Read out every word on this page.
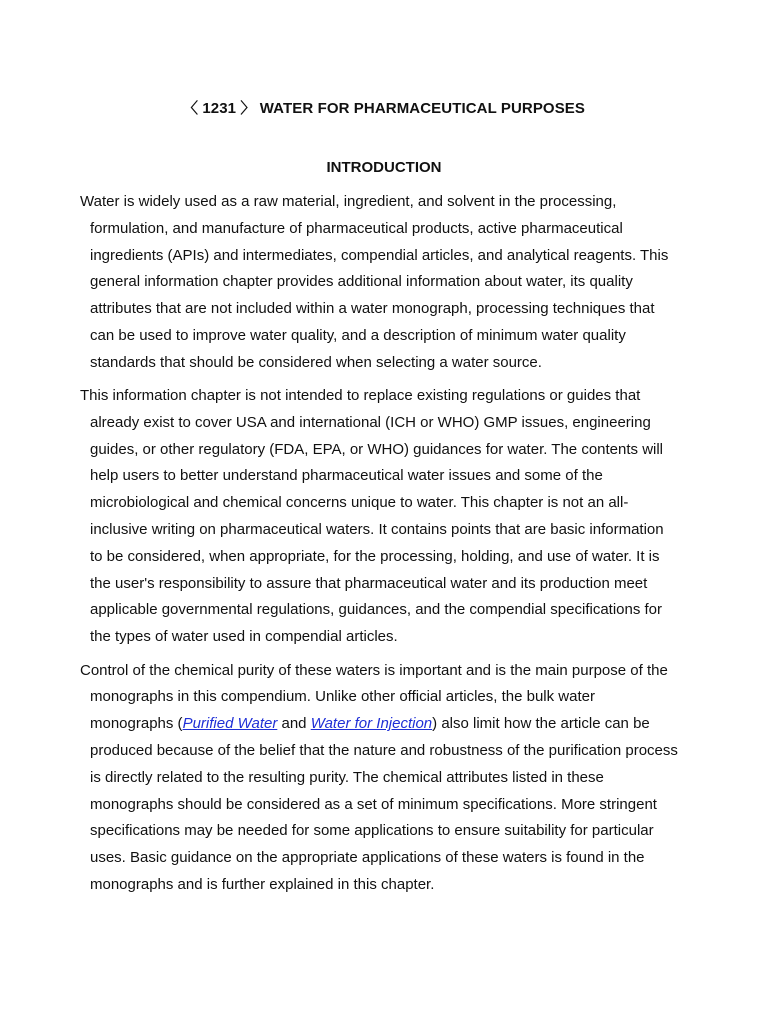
〈 1231 〉 WATER FOR PHARMACEUTICAL PURPOSES
INTRODUCTION

Water is widely used as a raw material, ingredient, and solvent in the processing, formulation, and manufacture of pharmaceutical products, active pharmaceutical ingredients (APIs) and intermediates, compendial articles, and analytical reagents. This general information chapter provides additional information about water, its quality attributes that are not included within a water monograph, processing techniques that can be used to improve water quality, and a description of minimum water quality standards that should be considered when selecting a water source.

This information chapter is not intended to replace existing regulations or guides that already exist to cover USA and international (ICH or WHO) GMP issues, engineering guides, or other regulatory (FDA, EPA, or WHO) guidances for water. The contents will help users to better understand pharmaceutical water issues and some of the microbiological and chemical concerns unique to water. This chapter is not an all-inclusive writing on pharmaceutical waters. It contains points that are basic information to be considered, when appropriate, for the processing, holding, and use of water. It is the user's responsibility to assure that pharmaceutical water and its production meet applicable governmental regulations, guidances, and the compendial specifications for the types of water used in compendial articles.

Control of the chemical purity of these waters is important and is the main purpose of the monographs in this compendium. Unlike other official articles, the bulk water monographs (Purified Water and Water for Injection) also limit how the article can be produced because of the belief that the nature and robustness of the purification process is directly related to the resulting purity. The chemical attributes listed in these monographs should be considered as a set of minimum specifications. More stringent specifications may be needed for some applications to ensure suitability for particular uses. Basic guidance on the appropriate applications of these waters is found in the monographs and is further explained in this chapter.
